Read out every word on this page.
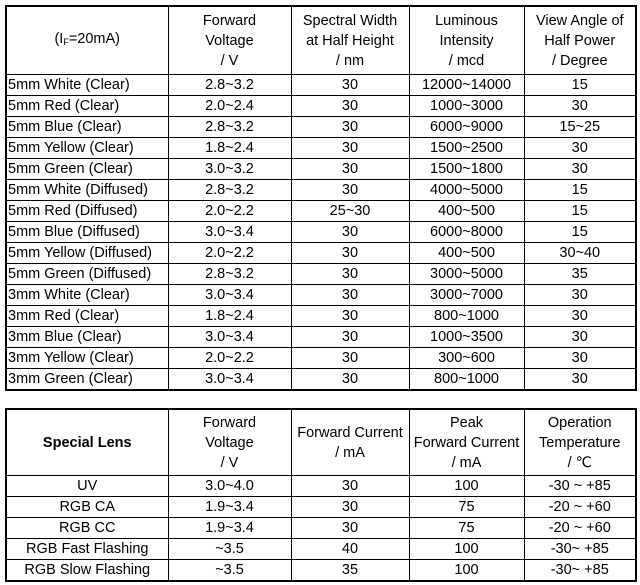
$(I_F=20mA)$	Forward
Voltage
/ V	Spectral Width
at Half Height
/ nm	Luminous
Intensity
/ mcd	View Angle of
Half Power
/ Degree

5mm White (Clear)	2.8~3.2	30	12000~14000	15
5mm Red (Clear)	2.0~2.4	30	1000~3000	30
5mm Blue (Clear)	2.8~3.2	30	6000~9000	15~25
5mm Yellow (Clear)	1.8~2.4	30	1500~2500	30
5mm Green (Clear)	3.0~3.2	30	1500~1800	30
5mm White (Diffused)	2.8~3.2	30	4000~5000	15
5mm Red (Diffused)	2.0~2.2	25~30	400~500	15
5mm Blue (Diffused)	3.0~3.4	30	6000~8000	15
5mm Yellow (Diffused)	2.0~2.2	30	400~500	30~40
5mm Green (Diffused)	2.8~3.2	30	3000~5000	35
3mm White (Clear)	3.0~3.4	30	3000~7000	30
3mm Red (Clear)	1.8~2.4	30	800~1000	30
3mm Blue (Clear)	3.0~3.4	30	1000~3500	30
3mm Yellow (Clear)	2.0~2.2	30	300~600	30
3mm Green (Clear)	3.0~3.4	30	800~1000	30
Special Lens	Forward
Voltage
/ V	Forward Current
/ mA	Peak
Forward Current
/ mA	Operation
Temperature
/ ℃

UV	3.0~4.0	30	100	-30 ~ +85
RGB CA	1.9~3.4	30	75	-20 ~ +60
RGB CC	1.9~3.4	30	75	-20 ~ +60
RGB Fast Flashing	~3.5	40	100	-30~ +85
RGB Slow Flashing	~3.5	35	100	-30~ +85
